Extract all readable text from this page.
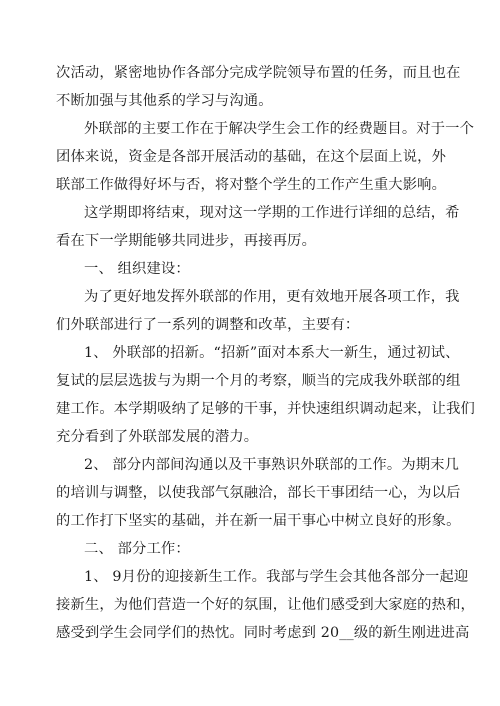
次活动，紧密地协作各部分完成学院领导布置的任务，而且也在
不断加强与其他系的学习与沟通。
外联部的主要工作在于解决学生会工作的经费题目。对于一个
团体来说，资金是各部开展活动的基础，在这个层面上说，外
联部工作做得好坏与否，将对整个学生的工作产生重大影响。
这学期即将结束，现对这一学期的工作进行详细的总结，希
看在下一学期能够共同进步，再接再厉。
一、 组织建设：
为了更好地发挥外联部的作用，更有效地开展各项工作，我
们外联部进行了一系列的调整和改革，主要有：
1、 外联部的招新。“招新”面对本系大一新生，通过初试、
复试的层层选拔与为期一个月的考察，顺当的完成我外联部的组
建工作。本学期吸纳了足够的干事，并快速组织调动起来，让我们
充分看到了外联部发展的潜力。
2、 部分内部间沟通以及干事熟识外联部的工作。为期末几
的培训与调整，以使我部气氛融洽，部长干事团结一心，为以后
的工作打下坚实的基础，并在新一届干事心中树立良好的形象。
二、 部分工作：
1、 9月份的迎接新生工作。我部与学生会其他各部分一起迎
接新生，为他们营造一个好的氛围，让他们感受到大家庭的热和，
感受到学生会同学们的热忱。同时考虑到 20__级的新生刚进进高
